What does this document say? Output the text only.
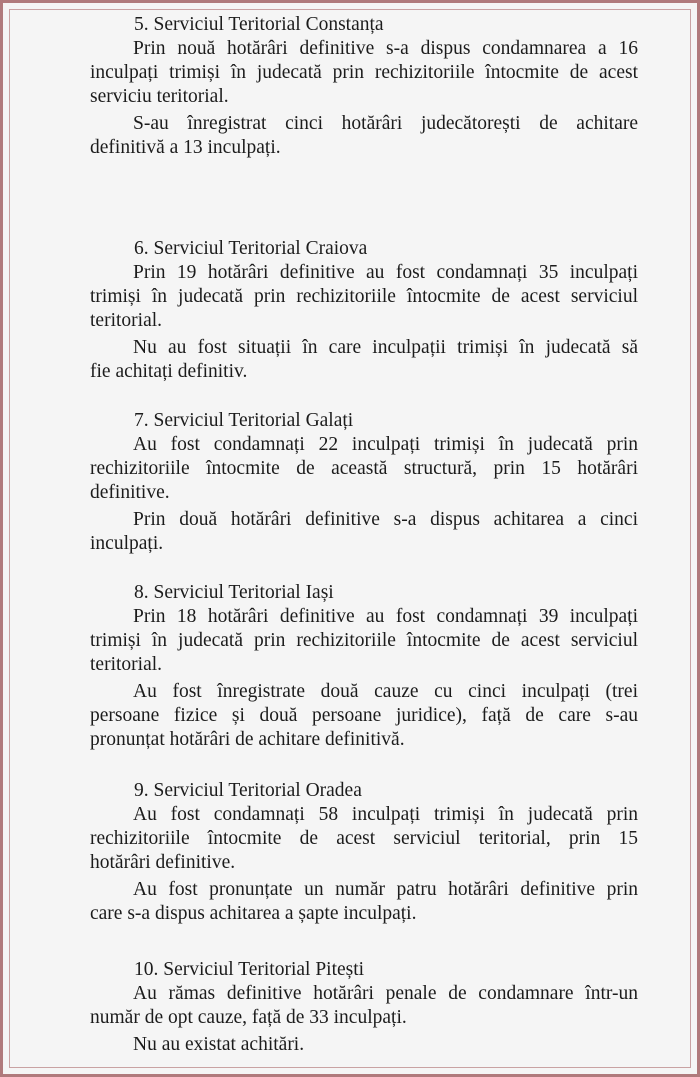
5. Serviciul Teritorial Constanța
Prin nouă hotărâri definitive s-a dispus condamnarea a 16
inculpați trimiși în judecată prin rechizitoriile întocmite de acest
serviciu teritorial.
S-au înregistrat cinci hotărâri judecătorești de achitare
definitivă a 13 inculpați.
6. Serviciul Teritorial Craiova
Prin 19 hotărâri definitive au fost condamnați 35 inculpați
trimiși în judecată prin rechizitoriile întocmite de acest serviciul
teritorial.
Nu au fost situații în care inculpații trimiși în judecată să
fie achitați definitiv.
7. Serviciul Teritorial Galați
Au fost condamnați 22 inculpați trimiși în judecată prin
rechizitoriile întocmite de această structură, prin 15 hotărâri
definitive.
Prin două hotărâri definitive s-a dispus achitarea a cinci
inculpați.
8. Serviciul Teritorial Iași
Prin 18 hotărâri definitive au fost condamnați 39 inculpați
trimiși în judecată prin rechizitoriile întocmite de acest serviciul
teritorial.
Au fost înregistrate două cauze cu cinci inculpați (trei
persoane fizice și două persoane juridice), față de care s-au
pronunțat hotărâri de achitare definitivă.
9. Serviciul Teritorial Oradea
Au fost condamnați 58 inculpați trimiși în judecată prin
rechizitoriile întocmite de acest serviciul teritorial, prin 15
hotărâri definitive.
Au fost pronunțate un număr patru hotărâri definitive prin
care s-a dispus achitarea a șapte inculpați.
10. Serviciul Teritorial Pitești
Au rămas definitive hotărâri penale de condamnare într-un
număr de opt cauze, față de 33 inculpați.
Nu au existat achitări.
